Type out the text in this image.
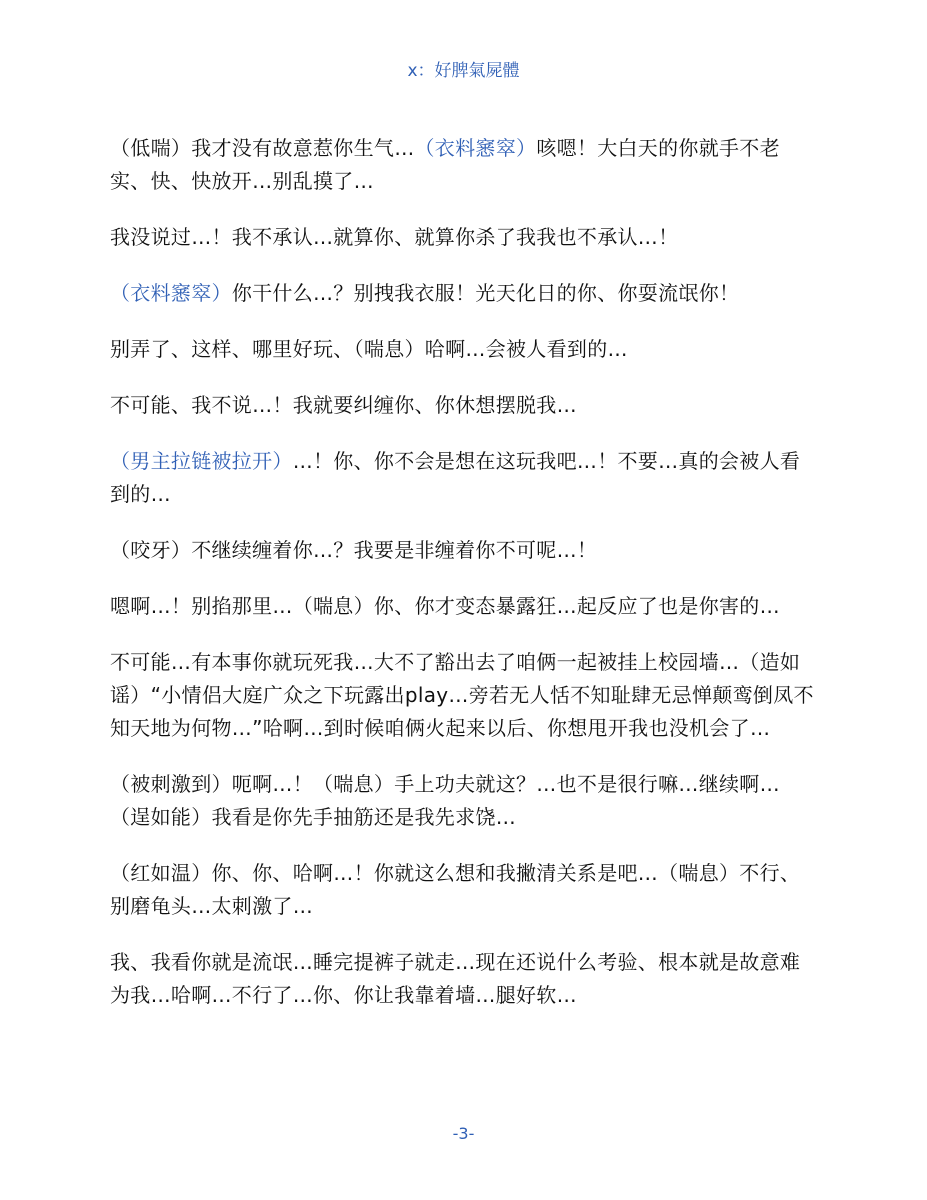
x：好脾氣屍體

（低喘）我才没有故意惹你生气…（衣料窸窣）咳嗯！大白天的你就手不老实、快、快放开…别乱摸了…

我没说过…！我不承认…就算你、就算你杀了我我也不承认…！

（衣料窸窣）你干什么…？别拽我衣服！光天化日的你、你耍流氓你！

别弄了、这样、哪里好玩、（喘息）哈啊…会被人看到的…

不可能、我不说…！我就要纠缠你、你休想摆脱我…

（男主拉链被拉开）…！你、你不会是想在这玩我吧…！不要…真的会被人看到的…

（咬牙）不继续缠着你…？我要是非缠着你不可呢…！

嗯啊…！别掐那里…（喘息）你、你才变态暴露狂…起反应了也是你害的…

不可能…有本事你就玩死我…大不了豁出去了咱俩一起被挂上校园墙…（造如谣）“小情侣大庭广众之下玩露出play…旁若无人恬不知耻肆无忌惮颠鸾倒凤不知天地为何物…”哈啊…到时候咱俩火起来以后、你想甩开我也没机会了…

（被刺激到）呃啊…！（喘息）手上功夫就这？…也不是很行嘛…继续啊…（逞如能）我看是你先手抽筋还是我先求饶…

（红如温）你、你、哈啊…！你就这么想和我撇清关系是吧…（喘息）不行、别磨龟头…太刺激了…

我、我看你就是流氓…睡完提裤子就走…现在还说什么考验、根本就是故意难为我…哈啊…不行了…你、你让我靠着墙…腿好软…

-3-
